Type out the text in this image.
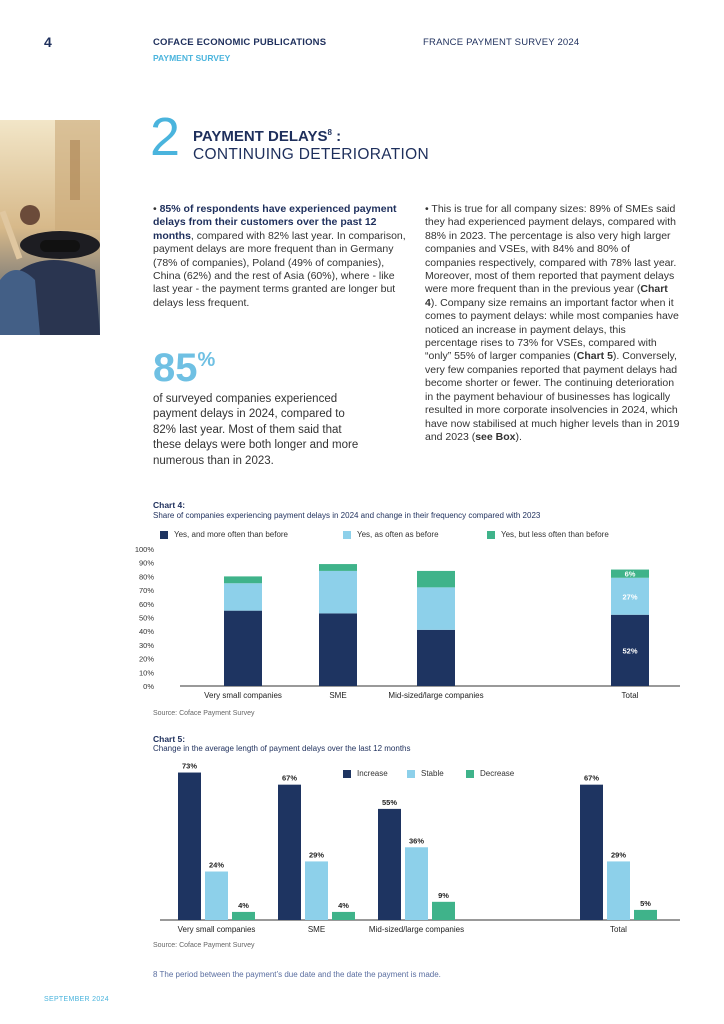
4	COFACE ECONOMIC PUBLICATIONS
PAYMENT SURVEY
FRANCE PAYMENT SURVEY 2024
2 PAYMENT DELAYS$^8$ :
CONTINUING DETERIORATION
• 85% of respondents have experienced payment delays from their customers over the past 12 months, compared with 82% last year. In comparison, payment delays are more frequent than in Germany (78% of companies), Poland (49% of companies), China (62%) and the rest of Asia (60%), where - like last year - the payment terms granted are longer but delays less frequent.
• This is true for all company sizes: 89% of SMEs said they had experienced payment delays, compared with 88% in 2023. The percentage is also very high larger companies and VSEs, with 84% and 80% of companies respectively, compared with 78% last year. Moreover, most of them reported that payment delays were more frequent than in the previous year (Chart 4). Company size remains an important factor when it comes to payment delays: while most companies have noticed an increase in payment delays, this percentage rises to 73% for VSEs, compared with “only” 55% of larger companies (Chart 5). Conversely, very few companies reported that payment delays had become shorter or fewer. The continuing deterioration in the payment behaviour of businesses has logically resulted in more corporate insolvencies in 2024, which have now stabilised at much higher levels than in 2019 and 2023 (see Box).
85%
of surveyed companies experienced payment delays in 2024, compared to 82% last year. Most of them said that these delays were both longer and more numerous than in 2023.
Chart 4:
Share of companies experiencing payment delays in 2024 and change in their frequency compared with 2023
Yes, and more often than before	Yes, as often as before	Yes, but less often than before
0%
10%
20%
30%
40%
50%
60%
70%
80%
90%
100%
Very small companies	SME	Mid-sized/large companies	Total
52%
27%
6%
Source: Coface Payment Survey
Chart 5:
Change in the average length of payment delays over the last 12 months
Increase	Stable	Decrease
73%
24%
4%
Very small companies
67%
29%
4%
SME
55%
36%
9%
Mid-sized/large companies
67%
29%
5%
Total
Source: Coface Payment Survey
8 The period between the payment’s due date and the date the payment is made.
SEPTEMBER 2024
